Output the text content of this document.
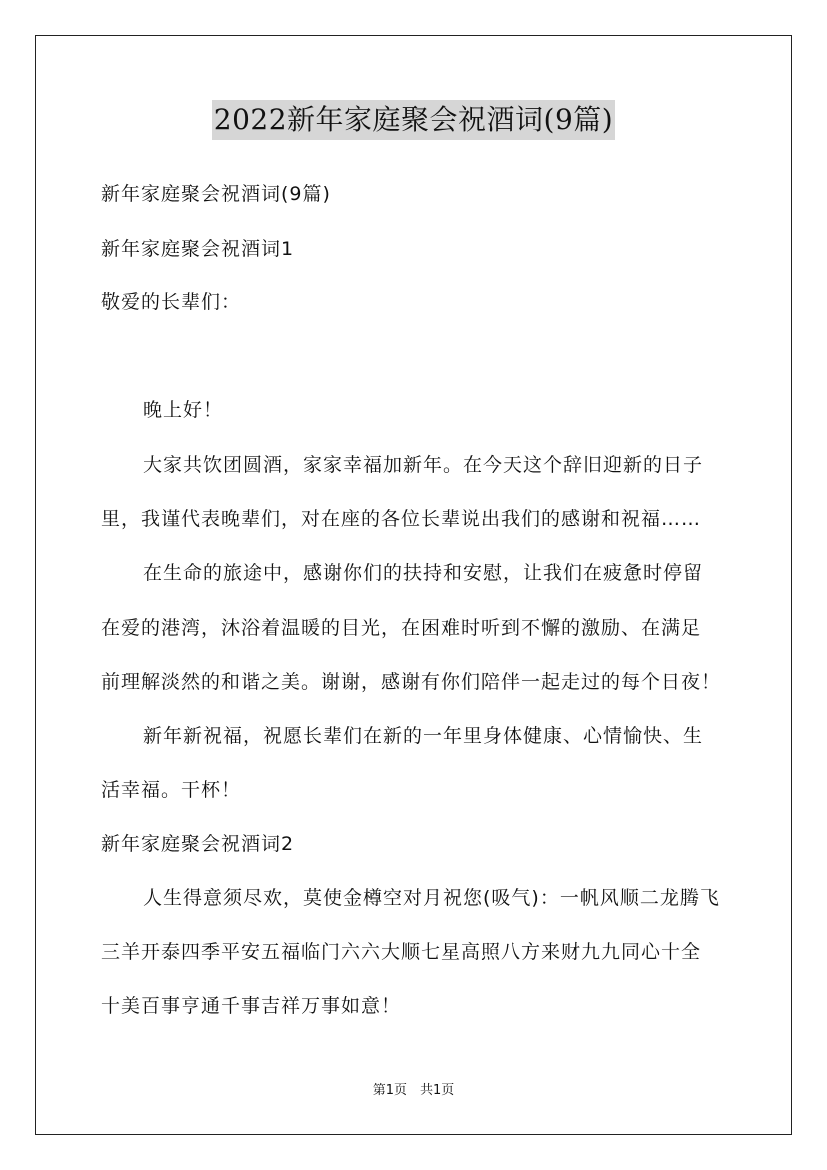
2022新年家庭聚会祝酒词(9篇)
新年家庭聚会祝酒词(9篇)
新年家庭聚会祝酒词1
敬爱的长辈们：
晚上好！
大家共饮团圆酒，家家幸福加新年。在今天这个辞旧迎新的日子
里，我谨代表晚辈们，对在座的各位长辈说出我们的感谢和祝福……
在生命的旅途中，感谢你们的扶持和安慰，让我们在疲惫时停留
在爱的港湾，沐浴着温暖的目光，在困难时听到不懈的激励、在满足
前理解淡然的和谐之美。谢谢，感谢有你们陪伴一起走过的每个日夜！
新年新祝福，祝愿长辈们在新的一年里身体健康、心情愉快、生
活幸福。干杯！
新年家庭聚会祝酒词2
人生得意须尽欢，莫使金樽空对月祝您(吸气)：一帆风顺二龙腾飞
三羊开泰四季平安五福临门六六大顺七星高照八方来财九九同心十全
十美百事亨通千事吉祥万事如意！
第1页　共1页
